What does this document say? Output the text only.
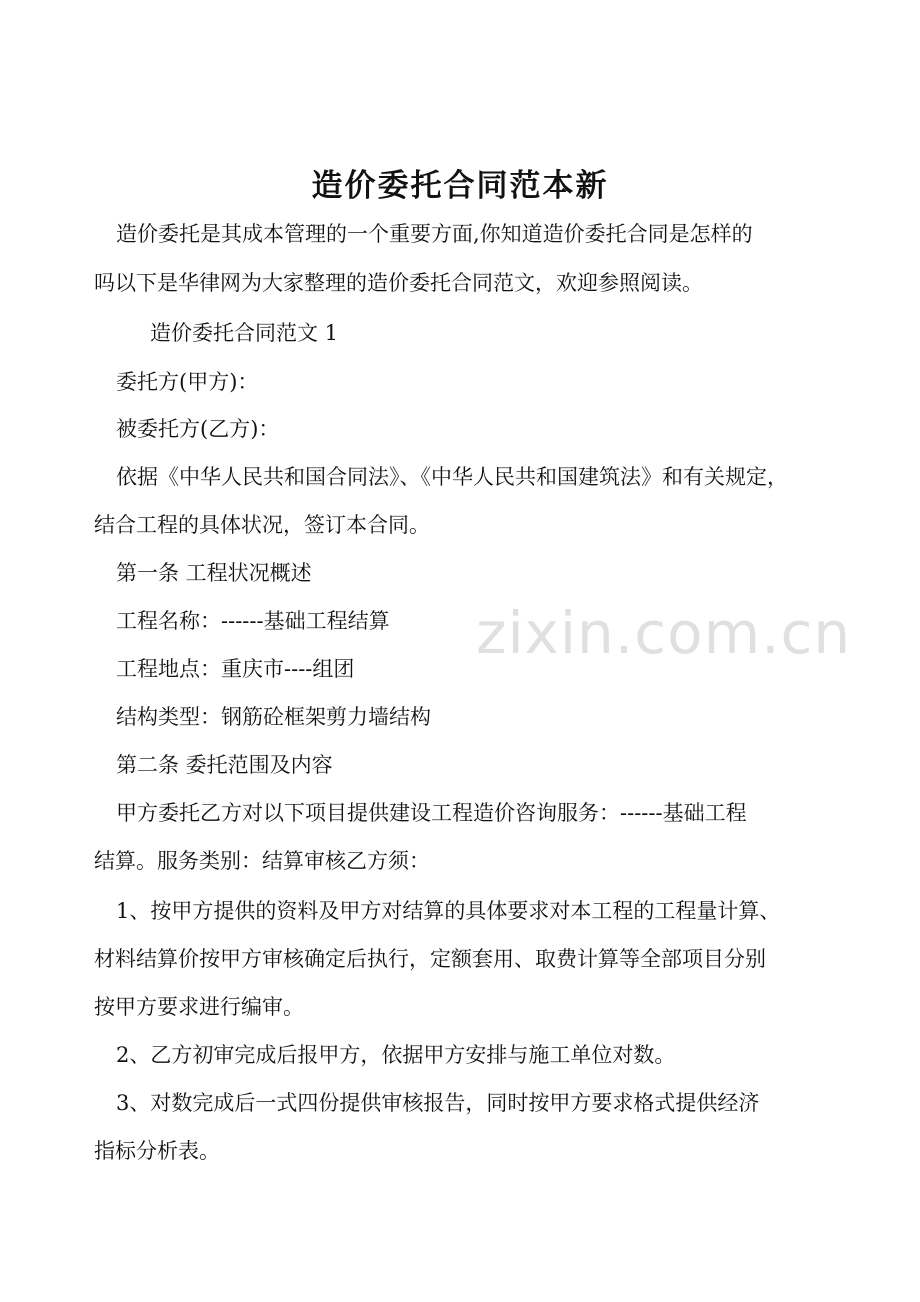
造价委托合同范本新
造价委托是其成本管理的一个重要方面,你知道造价委托合同是怎样的
吗以下是华律网为大家整理的造价委托合同范文，欢迎参照阅读。
造价委托合同范文 1
委托方(甲方)：
被委托方(乙方)：
依据《中华人民共和国合同法》、《中华人民共和国建筑法》和有关规定，
结合工程的具体状况，签订本合同。
第一条 工程状况概述
工程名称：------基础工程结算
工程地点：重庆市----组团
结构类型：钢筋砼框架剪力墙结构
第二条 委托范围及内容
甲方委托乙方对以下项目提供建设工程造价咨询服务：------基础工程
结算。服务类别：结算审核乙方须：
1、按甲方提供的资料及甲方对结算的具体要求对本工程的工程量计算、
材料结算价按甲方审核确定后执行，定额套用、取费计算等全部项目分别
按甲方要求进行编审。
2、乙方初审完成后报甲方，依据甲方安排与施工单位对数。
3、对数完成后一式四份提供审核报告，同时按甲方要求格式提供经济
指标分析表。
zixin.com.cn
